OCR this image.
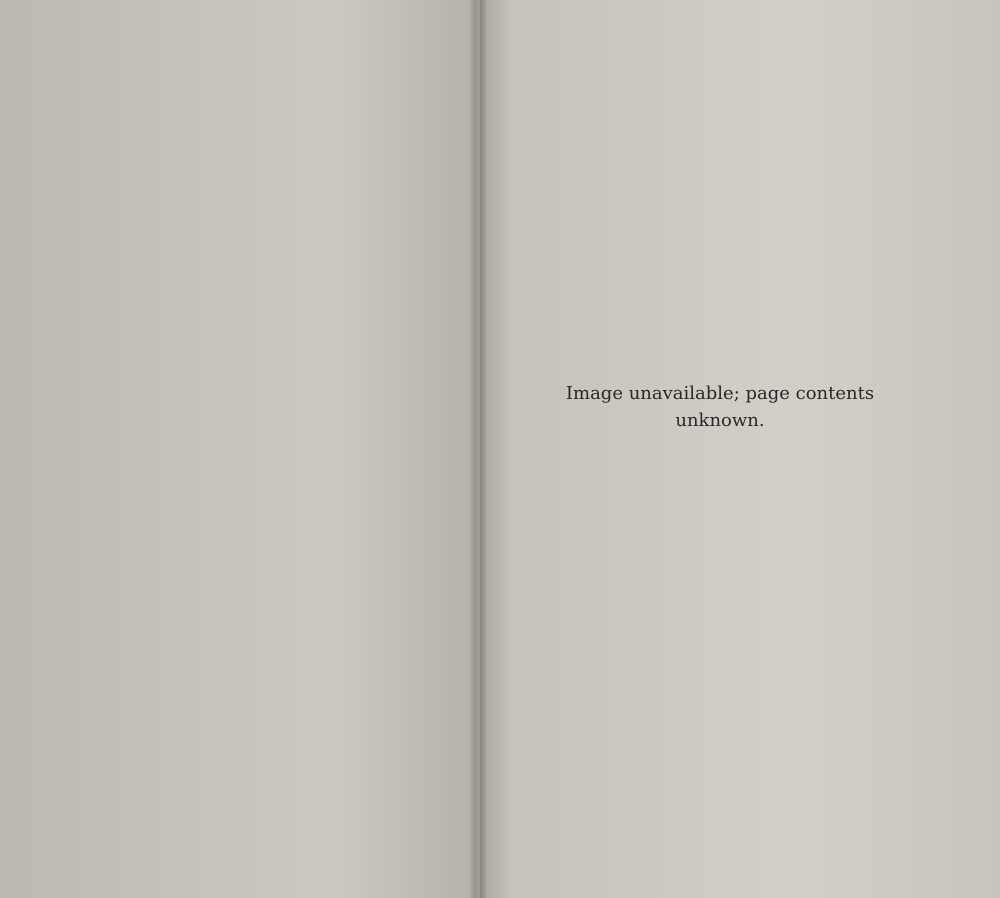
Image unavailable; page contents unknown.
